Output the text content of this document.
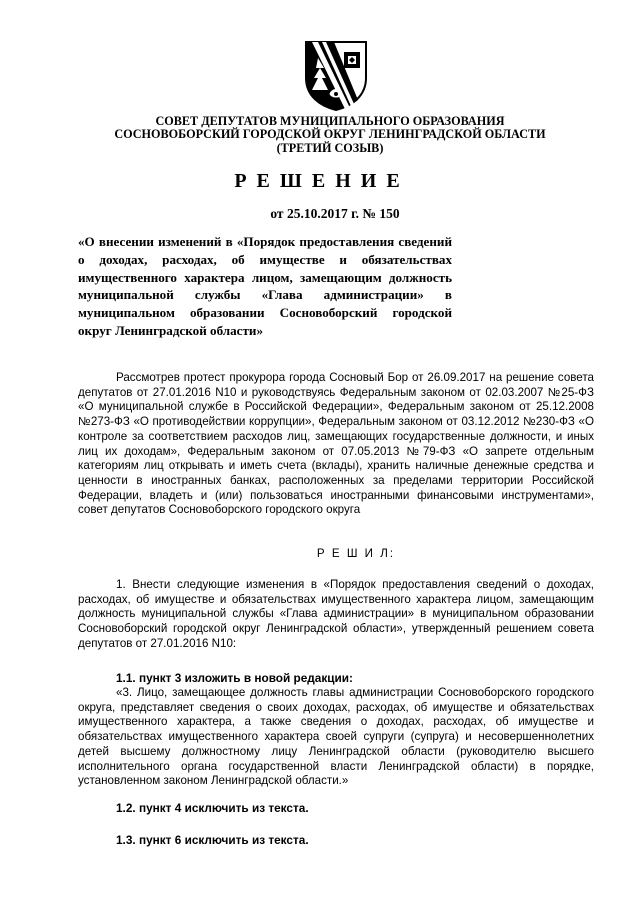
СОВЕТ ДЕПУТАТОВ МУНИЦИПАЛЬНОГО ОБРАЗОВАНИЯ
СОСНОВОБОРСКИЙ ГОРОДСКОЙ ОКРУГ ЛЕНИНГРАДСКОЙ ОБЛАСТИ
(ТРЕТИЙ СОЗЫВ)
РЕШЕНИЕ
от 25.10.2017 г. № 150

«О внесении изменений в «Порядок предоставления сведений о доходах, расходах, об имуществе и обязательствах имущественного характера лицом, замещающим должность муниципальной службы «Глава администрации» в муниципальном образовании Сосновоборский городской округ Ленинградской области»

Рассмотрев протест прокурора города Сосновый Бор от 26.09.2017 на решение совета депутатов от 27.01.2016 N10 и руководствуясь Федеральным законом от 02.03.2007 №25-ФЗ «О муниципальной службе в Российской Федерации», Федеральным законом от 25.12.2008 №273-ФЗ «О противодействии коррупции», Федеральным законом от 03.12.2012 №230-ФЗ «О контроле за соответствием расходов лиц, замещающих государственные должности, и иных лиц их доходам», Федеральным законом от 07.05.2013 №79-ФЗ «О запрете отдельным категориям лиц открывать и иметь счета (вклады), хранить наличные денежные средства и ценности в иностранных банках, расположенных за пределами территории Российской Федерации, владеть и (или) пользоваться иностранными финансовыми инструментами», совет депутатов Сосновоборского городского округа

Р Е Ш И Л:

1. Внести следующие изменения в «Порядок предоставления сведений о доходах, расходах, об имуществе и обязательствах имущественного характера лицом, замещающим должность муниципальной службы «Глава администрации» в муниципальном образовании Сосновоборский городской округ Ленинградской области», утвержденный решением совета депутатов от 27.01.2016 N10:

1.1. пункт 3 изложить в новой редакции:

«3. Лицо, замещающее должность главы администрации Сосновоборского городского округа, представляет сведения о своих доходах, расходах, об имуществе и обязательствах имущественного характера, а также сведения о доходах, расходах, об имуществе и обязательствах имущественного характера своей супруги (супруга) и несовершеннолетних детей высшему должностному лицу Ленинградской области (руководителю высшего исполнительного органа государственной власти Ленинградской области) в порядке, установленном законом Ленинградской области.»

1.2. пункт 4 исключить из текста.

1.3. пункт 6 исключить из текста.
